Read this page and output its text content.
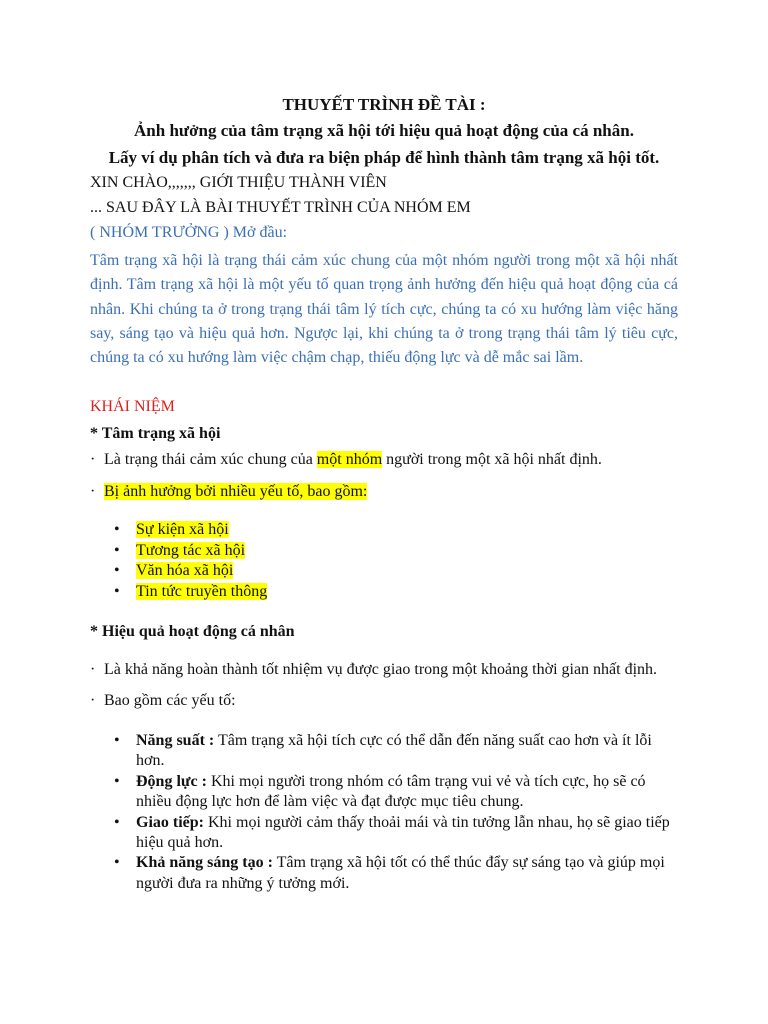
THUYẾT TRÌNH ĐỀ TÀI :
Ảnh hưởng của tâm trạng xã hội tới hiệu quả hoạt động của cá nhân.
Lấy ví dụ phân tích và đưa ra biện pháp để hình thành tâm trạng xã hội tốt.
XIN CHÀO,,,,,,, GIỚI THIỆU THÀNH VIÊN
... SAU ĐÂY LÀ BÀI THUYẾT TRÌNH CỦA NHÓM EM
( NHÓM TRƯỞNG ) Mở đầu:
Tâm trạng xã hội là trạng thái cảm xúc chung của một nhóm người trong một xã hội nhất định. Tâm trạng xã hội là một yếu tố quan trọng ảnh hưởng đến hiệu quả hoạt động của cá nhân. Khi chúng ta ở trong trạng thái tâm lý tích cực, chúng ta có xu hướng làm việc hăng say, sáng tạo và hiệu quả hơn. Ngược lại, khi chúng ta ở trong trạng thái tâm lý tiêu cực, chúng ta có xu hướng làm việc chậm chạp, thiếu động lực và dễ mắc sai lầm.
KHÁI NIỆM
* Tâm trạng xã hội
· Là trạng thái cảm xúc chung của một nhóm người trong một xã hội nhất định.
· Bị ảnh hưởng bởi nhiều yếu tố, bao gồm:
• Sự kiện xã hội
• Tương tác xã hội
• Văn hóa xã hội
• Tin tức truyền thông
* Hiệu quả hoạt động cá nhân
· Là khả năng hoàn thành tốt nhiệm vụ được giao trong một khoảng thời gian nhất định.
· Bao gồm các yếu tố:
• Năng suất : Tâm trạng xã hội tích cực có thể dẫn đến năng suất cao hơn và ít lỗi hơn.
• Động lực : Khi mọi người trong nhóm có tâm trạng vui vẻ và tích cực, họ sẽ có nhiều động lực hơn để làm việc và đạt được mục tiêu chung.
• Giao tiếp: Khi mọi người cảm thấy thoải mái và tin tưởng lẫn nhau, họ sẽ giao tiếp hiệu quả hơn.
• Khả năng sáng tạo : Tâm trạng xã hội tốt có thể thúc đẩy sự sáng tạo và giúp mọi người đưa ra những ý tưởng mới.
